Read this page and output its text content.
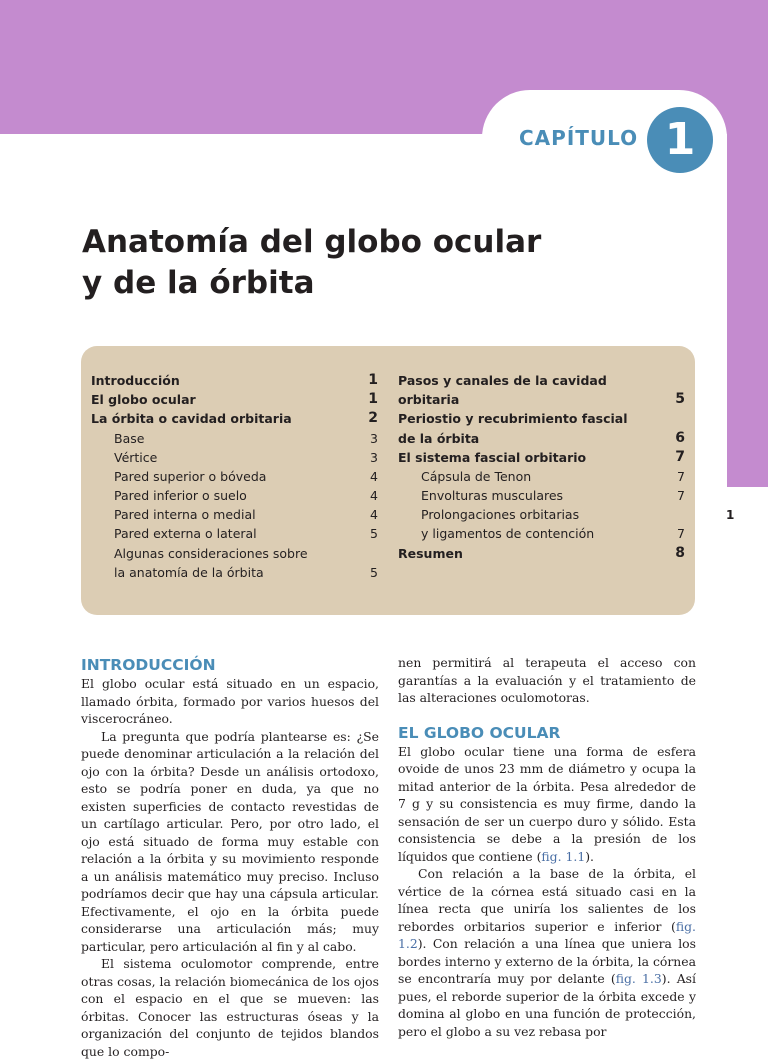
CAPÍTULO 1
1
Anatomía del globo ocular
y de la órbita
Introducción	1
El globo ocular	1
La órbita o cavidad orbitaria	2
Base	3
Vértice	3
Pared superior o bóveda	4
Pared inferior o suelo	4
Pared interna o medial	4
Pared externa o lateral	5
Algunas consideraciones sobre
la anatomía de la órbita	5
Pasos y canales de la cavidad
orbitaria	5
Periostio y recubrimiento fascial
de la órbita	6
El sistema fascial orbitario	7
Cápsula de Tenon	7
Envolturas musculares	7
Prolongaciones orbitarias
y ligamentos de contención	7
Resumen	8
INTRODUCCIÓN

El globo ocular está situado en un espacio, llamado órbita, formado por varios huesos del viscerocráneo.

La pregunta que podría plantearse es: ¿Se puede denominar articulación a la relación del ojo con la órbita? Desde un análisis ortodoxo, esto se podría poner en duda, ya que no existen superficies de contacto revestidas de un cartílago articular. Pero, por otro lado, el ojo está situado de forma muy estable con relación a la órbita y su movimiento responde a un análisis matemático muy preciso. Incluso podríamos decir que hay una cápsula articular. Efectivamente, el ojo en la órbita puede considerarse una articulación más; muy particular, pero articulación al fin y al cabo.

El sistema oculomotor comprende, entre otras cosas, la relación biomecánica de los ojos con el espacio en el que se mueven: las órbitas. Conocer las estructuras óseas y la organización del conjunto de tejidos blandos que lo compo-

nen permitirá al terapeuta el acceso con garantías a la evaluación y el tratamiento de las alteraciones oculomotoras.

EL GLOBO OCULAR

El globo ocular tiene una forma de esfera ovoide de unos 23 mm de diámetro y ocupa la mitad anterior de la órbita. Pesa alrededor de 7 g y su consistencia es muy firme, dando la sensación de ser un cuerpo duro y sólido. Esta consistencia se debe a la presión de los líquidos que contiene (fig. 1.1).

Con relación a la base de la órbita, el vértice de la córnea está situado casi en la línea recta que uniría los salientes de los rebordes orbitarios superior e inferior (fig. 1.2). Con relación a una línea que uniera los bordes interno y externo de la órbita, la córnea se encontraría muy por delante (fig. 1.3). Así pues, el reborde superior de la órbita excede y domina al globo en una función de protección, pero el globo a su vez rebasa por
